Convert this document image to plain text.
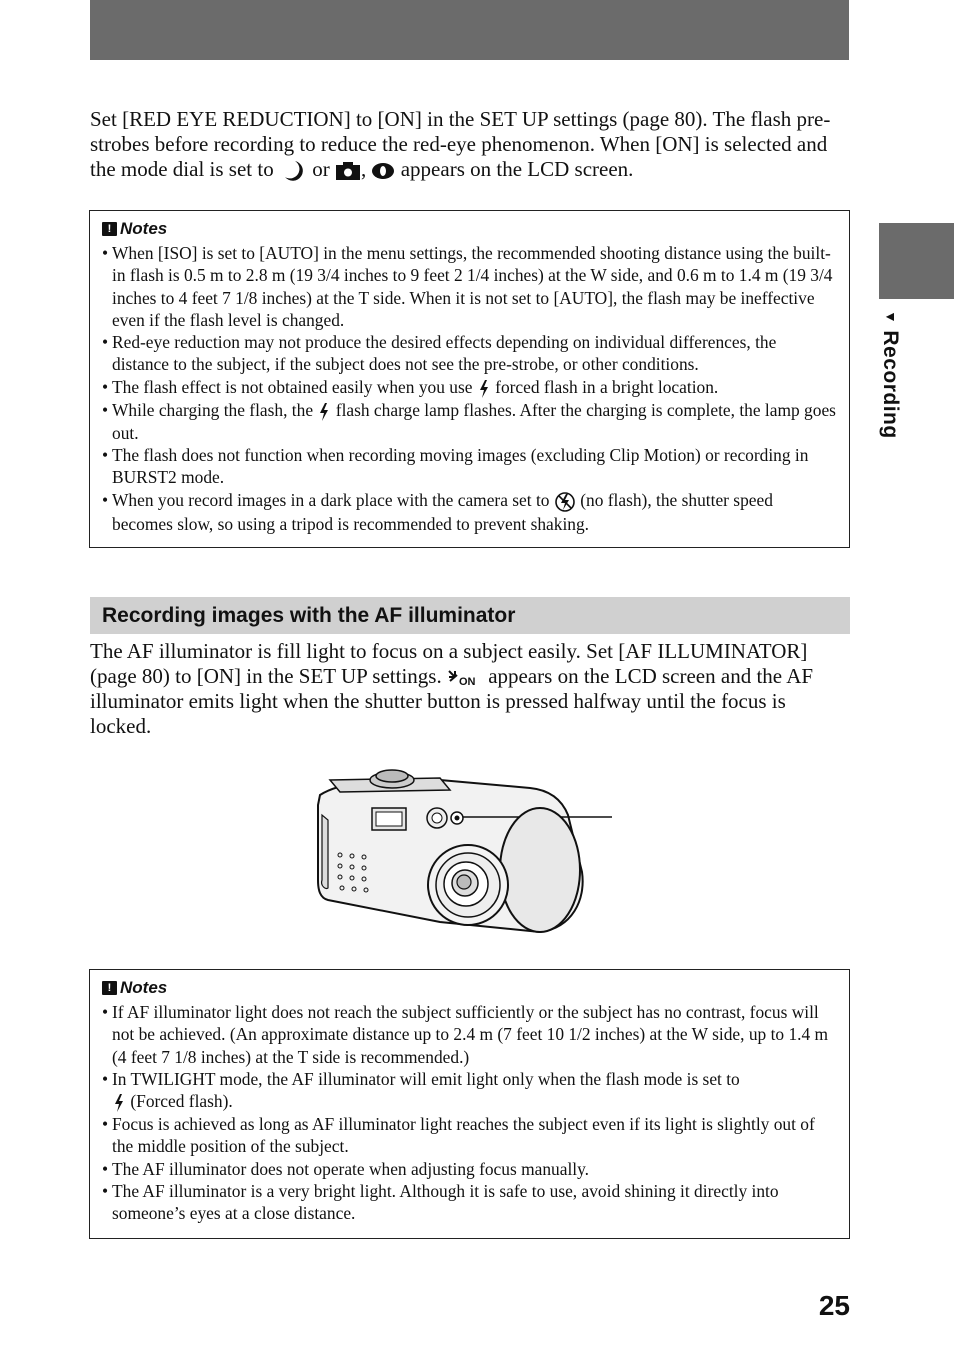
▼Recording
Set [RED EYE REDUCTION] to [ON] in the SET UP settings (page 80). The flash pre-strobes before recording to reduce the red-eye phenomenon. When [ON] is selected and the mode dial is set to or , appears on the LCD screen.
! Notes
• When [ISO] is set to [AUTO] in the menu settings, the recommended shooting distance using the built-in flash is 0.5 m to 2.8 m (19 3/4 inches to 9 feet 2 1/4 inches) at the W side, and 0.6 m to 1.4 m (19 3/4 inches to 4 feet 7 1/8 inches) at the T side. When it is not set to [AUTO], the flash may be ineffective even if the flash level is changed.
• Red-eye reduction may not produce the desired effects depending on individual differences, the distance to the subject, if the subject does not see the pre-strobe, or other conditions.
• The flash effect is not obtained easily when you use forced flash in a bright location.
• While charging the flash, the flash charge lamp flashes. After the charging is complete, the lamp goes out.
• The flash does not function when recording moving images (excluding Clip Motion) or recording in BURST2 mode.
• When you record images in a dark place with the camera set to (no flash), the shutter speed becomes slow, so using a tripod is recommended to prevent shaking.
Recording images with the AF illuminator
The AF illuminator is fill light to focus on a subject easily. Set [AF ILLUMINATOR] (page 80) to [ON] in the SET UP settings. ON appears on the LCD screen and the AF illuminator emits light when the shutter button is pressed halfway until the focus is locked.
! Notes
• If AF illuminator light does not reach the subject sufficiently or the subject has no contrast, focus will not be achieved. (An approximate distance up to 2.4 m (7 feet 10 1/2 inches) at the W side, up to 1.4 m (4 feet 7 1/8 inches) at the T side is recommended.)
• In TWILIGHT mode, the AF illuminator will emit light only when the flash mode is set to
(Forced flash).
• Focus is achieved as long as AF illuminator light reaches the subject even if its light is slightly out of the middle position of the subject.
• The AF illuminator does not operate when adjusting focus manually.
• The AF illuminator is a very bright light. Although it is safe to use, avoid shining it directly into someone’s eyes at a close distance.
25
